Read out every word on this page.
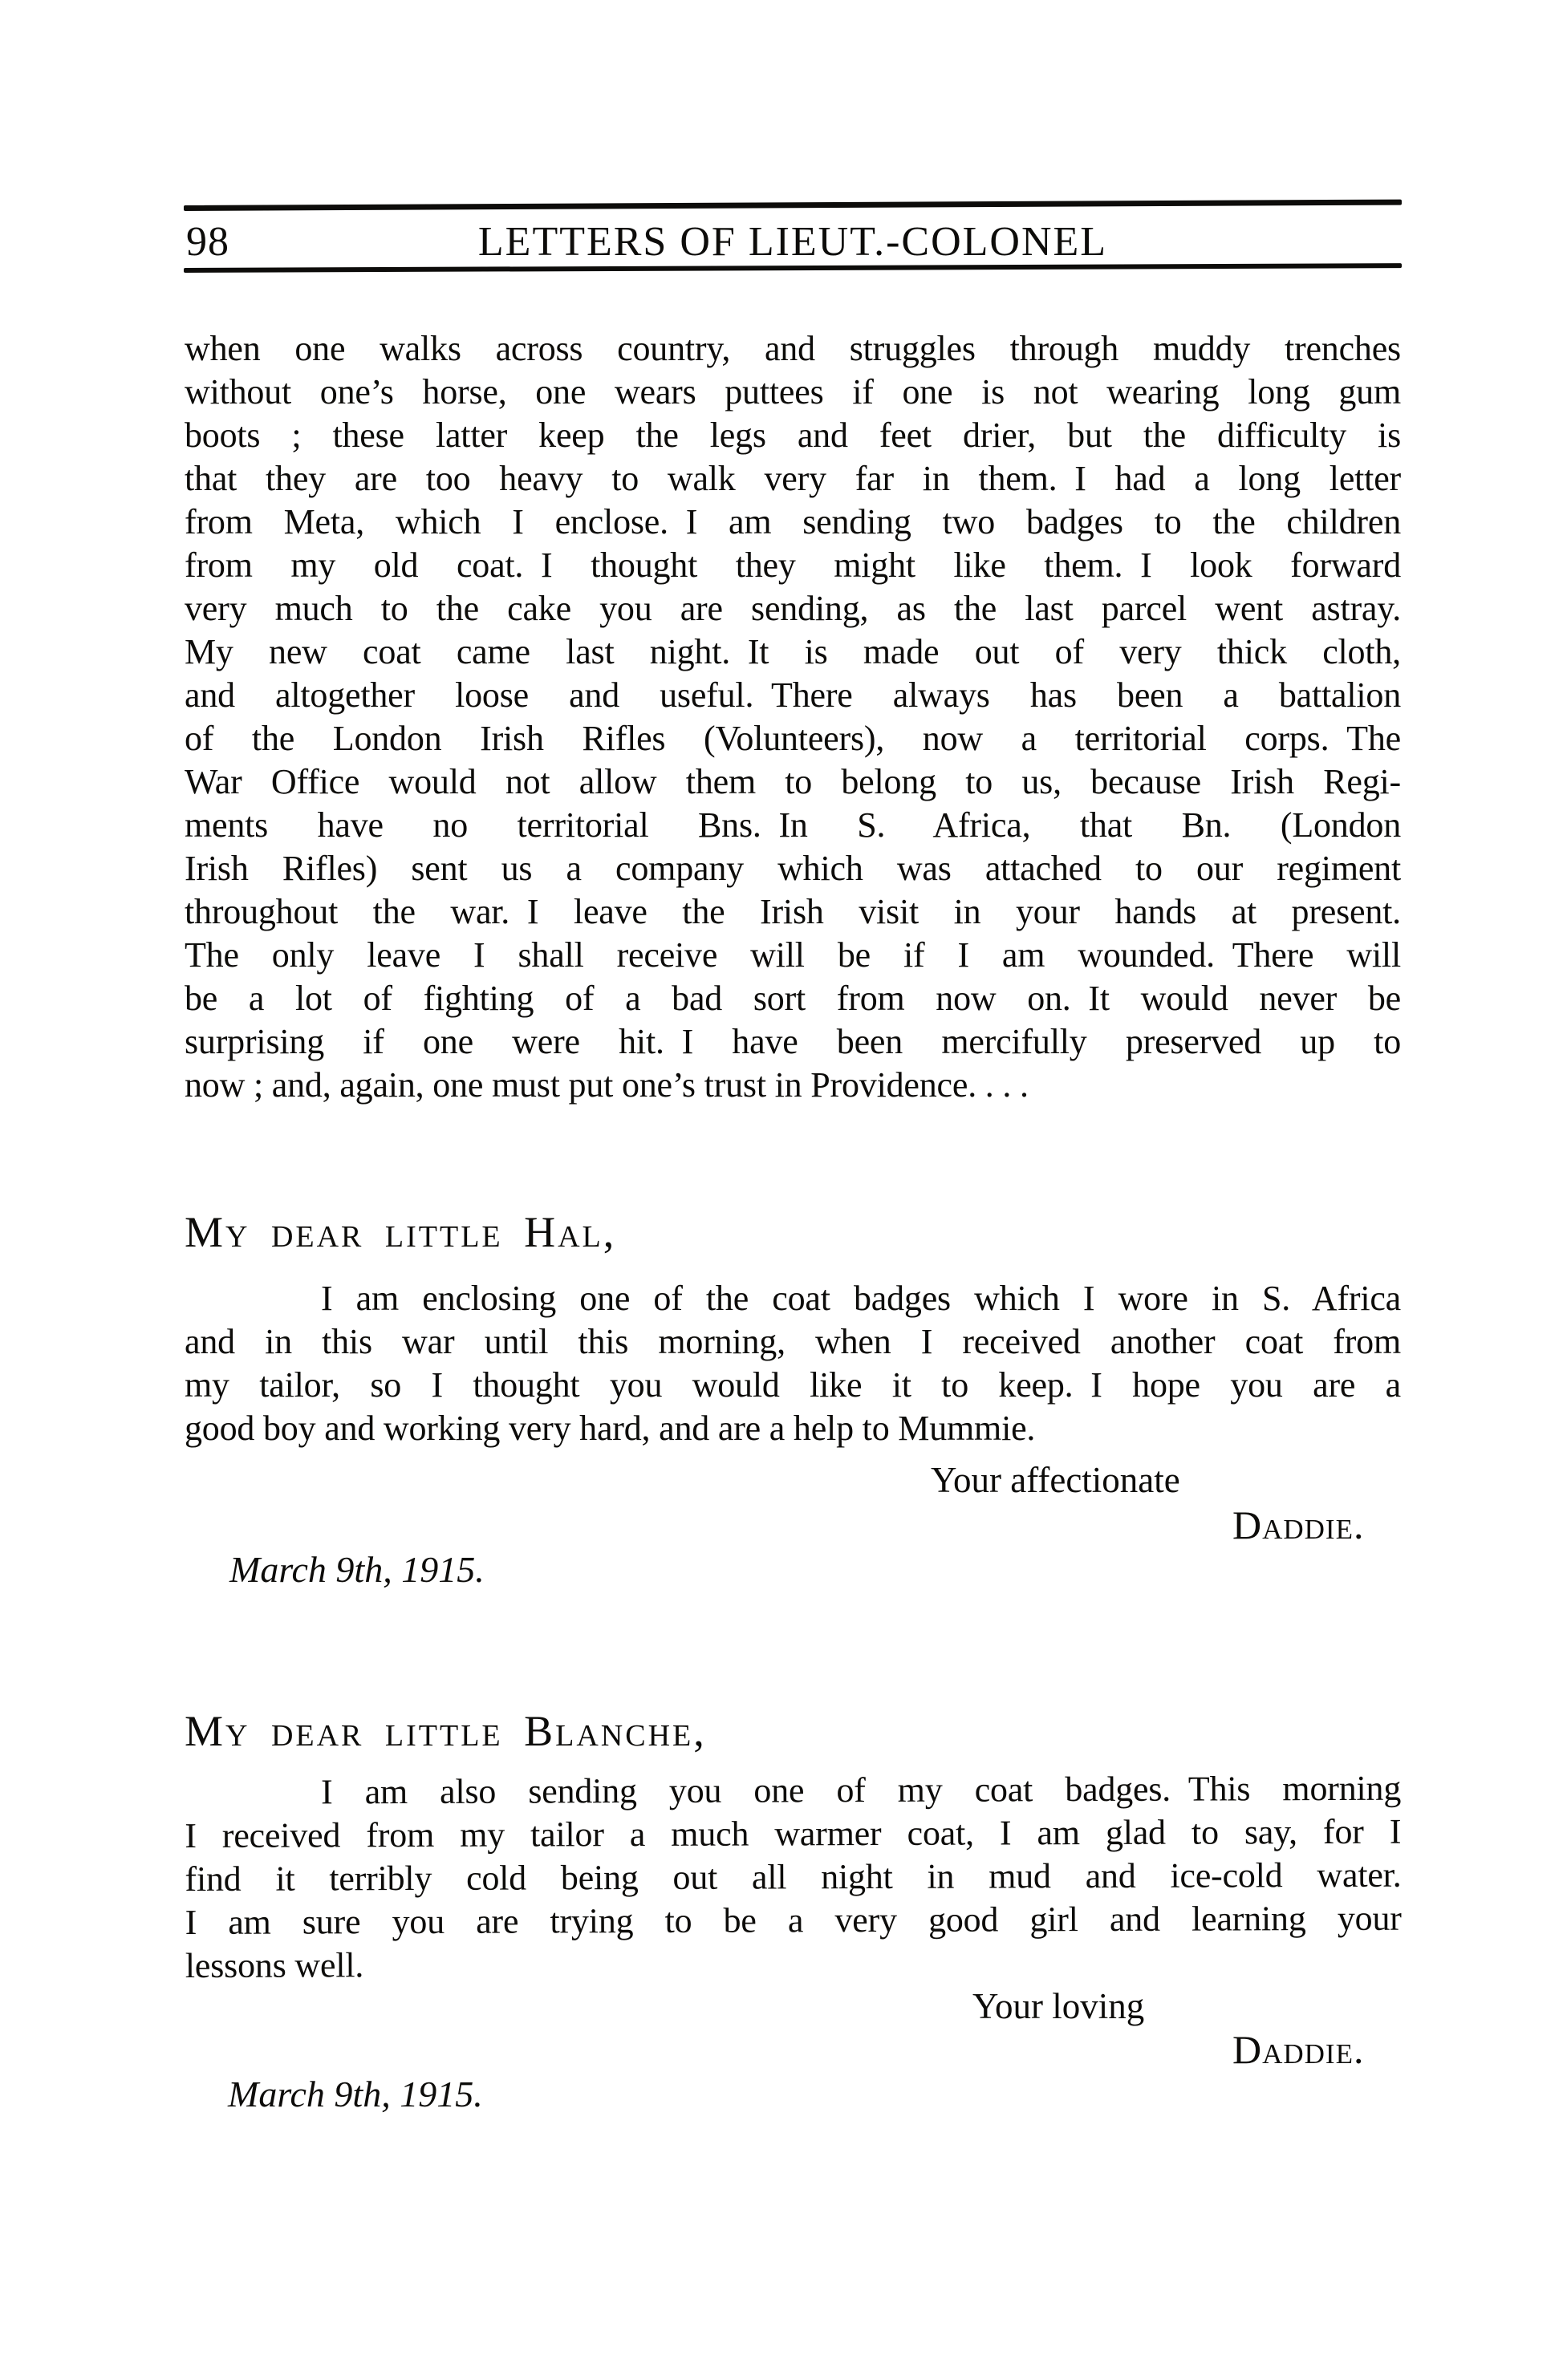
98	LETTERS OF LIEUT.-COLONEL
when one walks across country, and struggles through muddy trenches
without one’s horse, one wears puttees if one is not wearing long gum
boots ; these latter keep the legs and feet drier, but the difficulty is
that they are too heavy to walk very far in them. I had a long letter
from Meta, which I enclose. I am sending two badges to the children
from my old coat. I thought they might like them. I look forward
very much to the cake you are sending, as the last parcel went astray.
My new coat came last night. It is made out of very thick cloth,
and altogether loose and useful. There always has been a battalion
of the London Irish Rifles (Volunteers), now a territorial corps. The
War Office would not allow them to belong to us, because Irish Regi-
ments have no territorial Bns. In S. Africa, that Bn. (London
Irish Rifles) sent us a company which was attached to our regiment
throughout the war. I leave the Irish visit in your hands at present.
The only leave I shall receive will be if I am wounded. There will
be a lot of fighting of a bad sort from now on. It would never be
surprising if one were hit. I have been mercifully preserved up to
now ; and, again, one must put one’s trust in Providence. . . .
My dear little Hal,
I am enclosing one of the coat badges which I wore in S. Africa
and in this war until this morning, when I received another coat from
my tailor, so I thought you would like it to keep. I hope you are a
good boy and working very hard, and are a help to Mummie.
Your affectionate
Daddie.
March 9th, 1915.
My dear little Blanche,
I am also sending you one of my coat badges. This morning
I received from my tailor a much warmer coat, I am glad to say, for I
find it terribly cold being out all night in mud and ice-cold water.
I am sure you are trying to be a very good girl and learning your
lessons well.
Your loving
Daddie.
March 9th, 1915.
